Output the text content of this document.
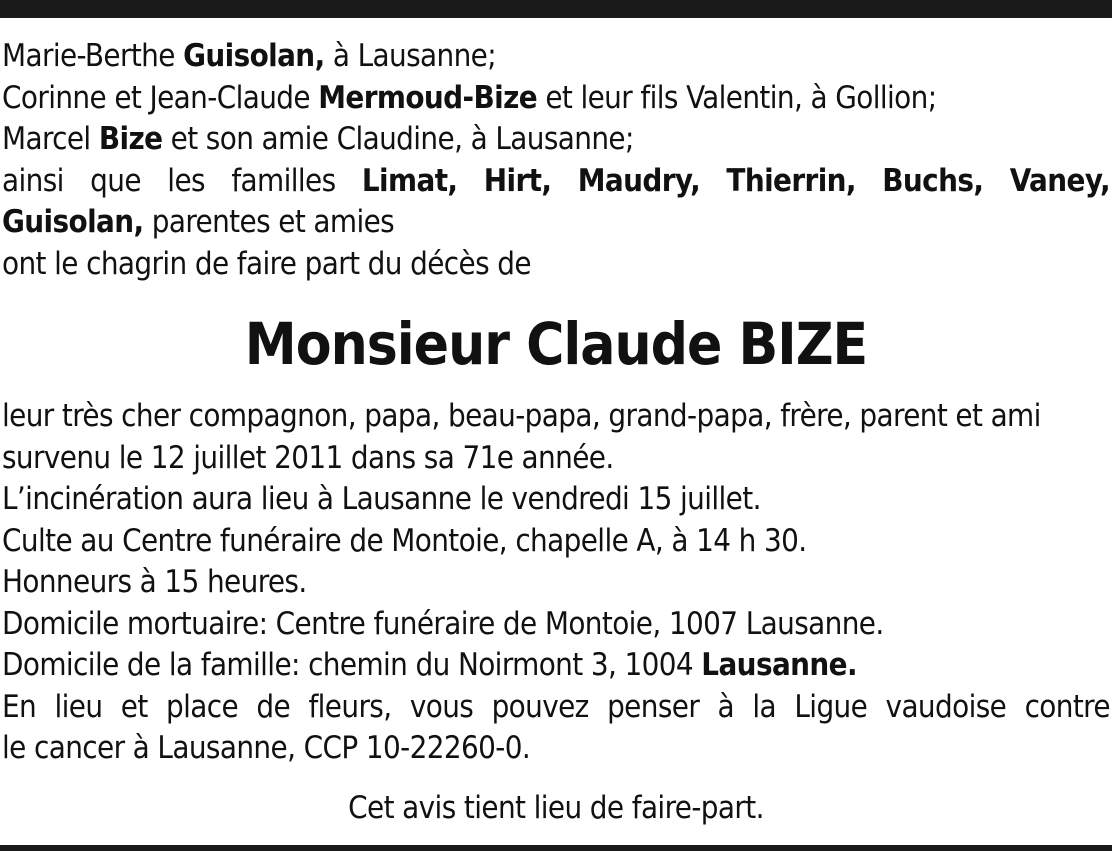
Marie-Berthe Guisolan, à Lausanne;
Corinne et Jean-Claude Mermoud-Bize et leur fils Valentin, à Gollion;
Marcel Bize et son amie Claudine, à Lausanne;
ainsi que les familles Limat, Hirt, Maudry, Thierrin, Buchs, Vaney,
Guisolan, parentes et amies
ont le chagrin de faire part du décès de
Monsieur Claude BIZE
leur très cher compagnon, papa, beau-papa, grand-papa, frère, parent et ami
survenu le 12 juillet 2011 dans sa 71e année.
L’incinération aura lieu à Lausanne le vendredi 15 juillet.
Culte au Centre funéraire de Montoie, chapelle A, à 14 h 30.
Honneurs à 15 heures.
Domicile mortuaire: Centre funéraire de Montoie, 1007 Lausanne.
Domicile de la famille: chemin du Noirmont 3, 1004 Lausanne.
En lieu et place de fleurs, vous pouvez penser à la Ligue vaudoise contre
le cancer à Lausanne, CCP 10-22260-0.
Cet avis tient lieu de faire-part.
